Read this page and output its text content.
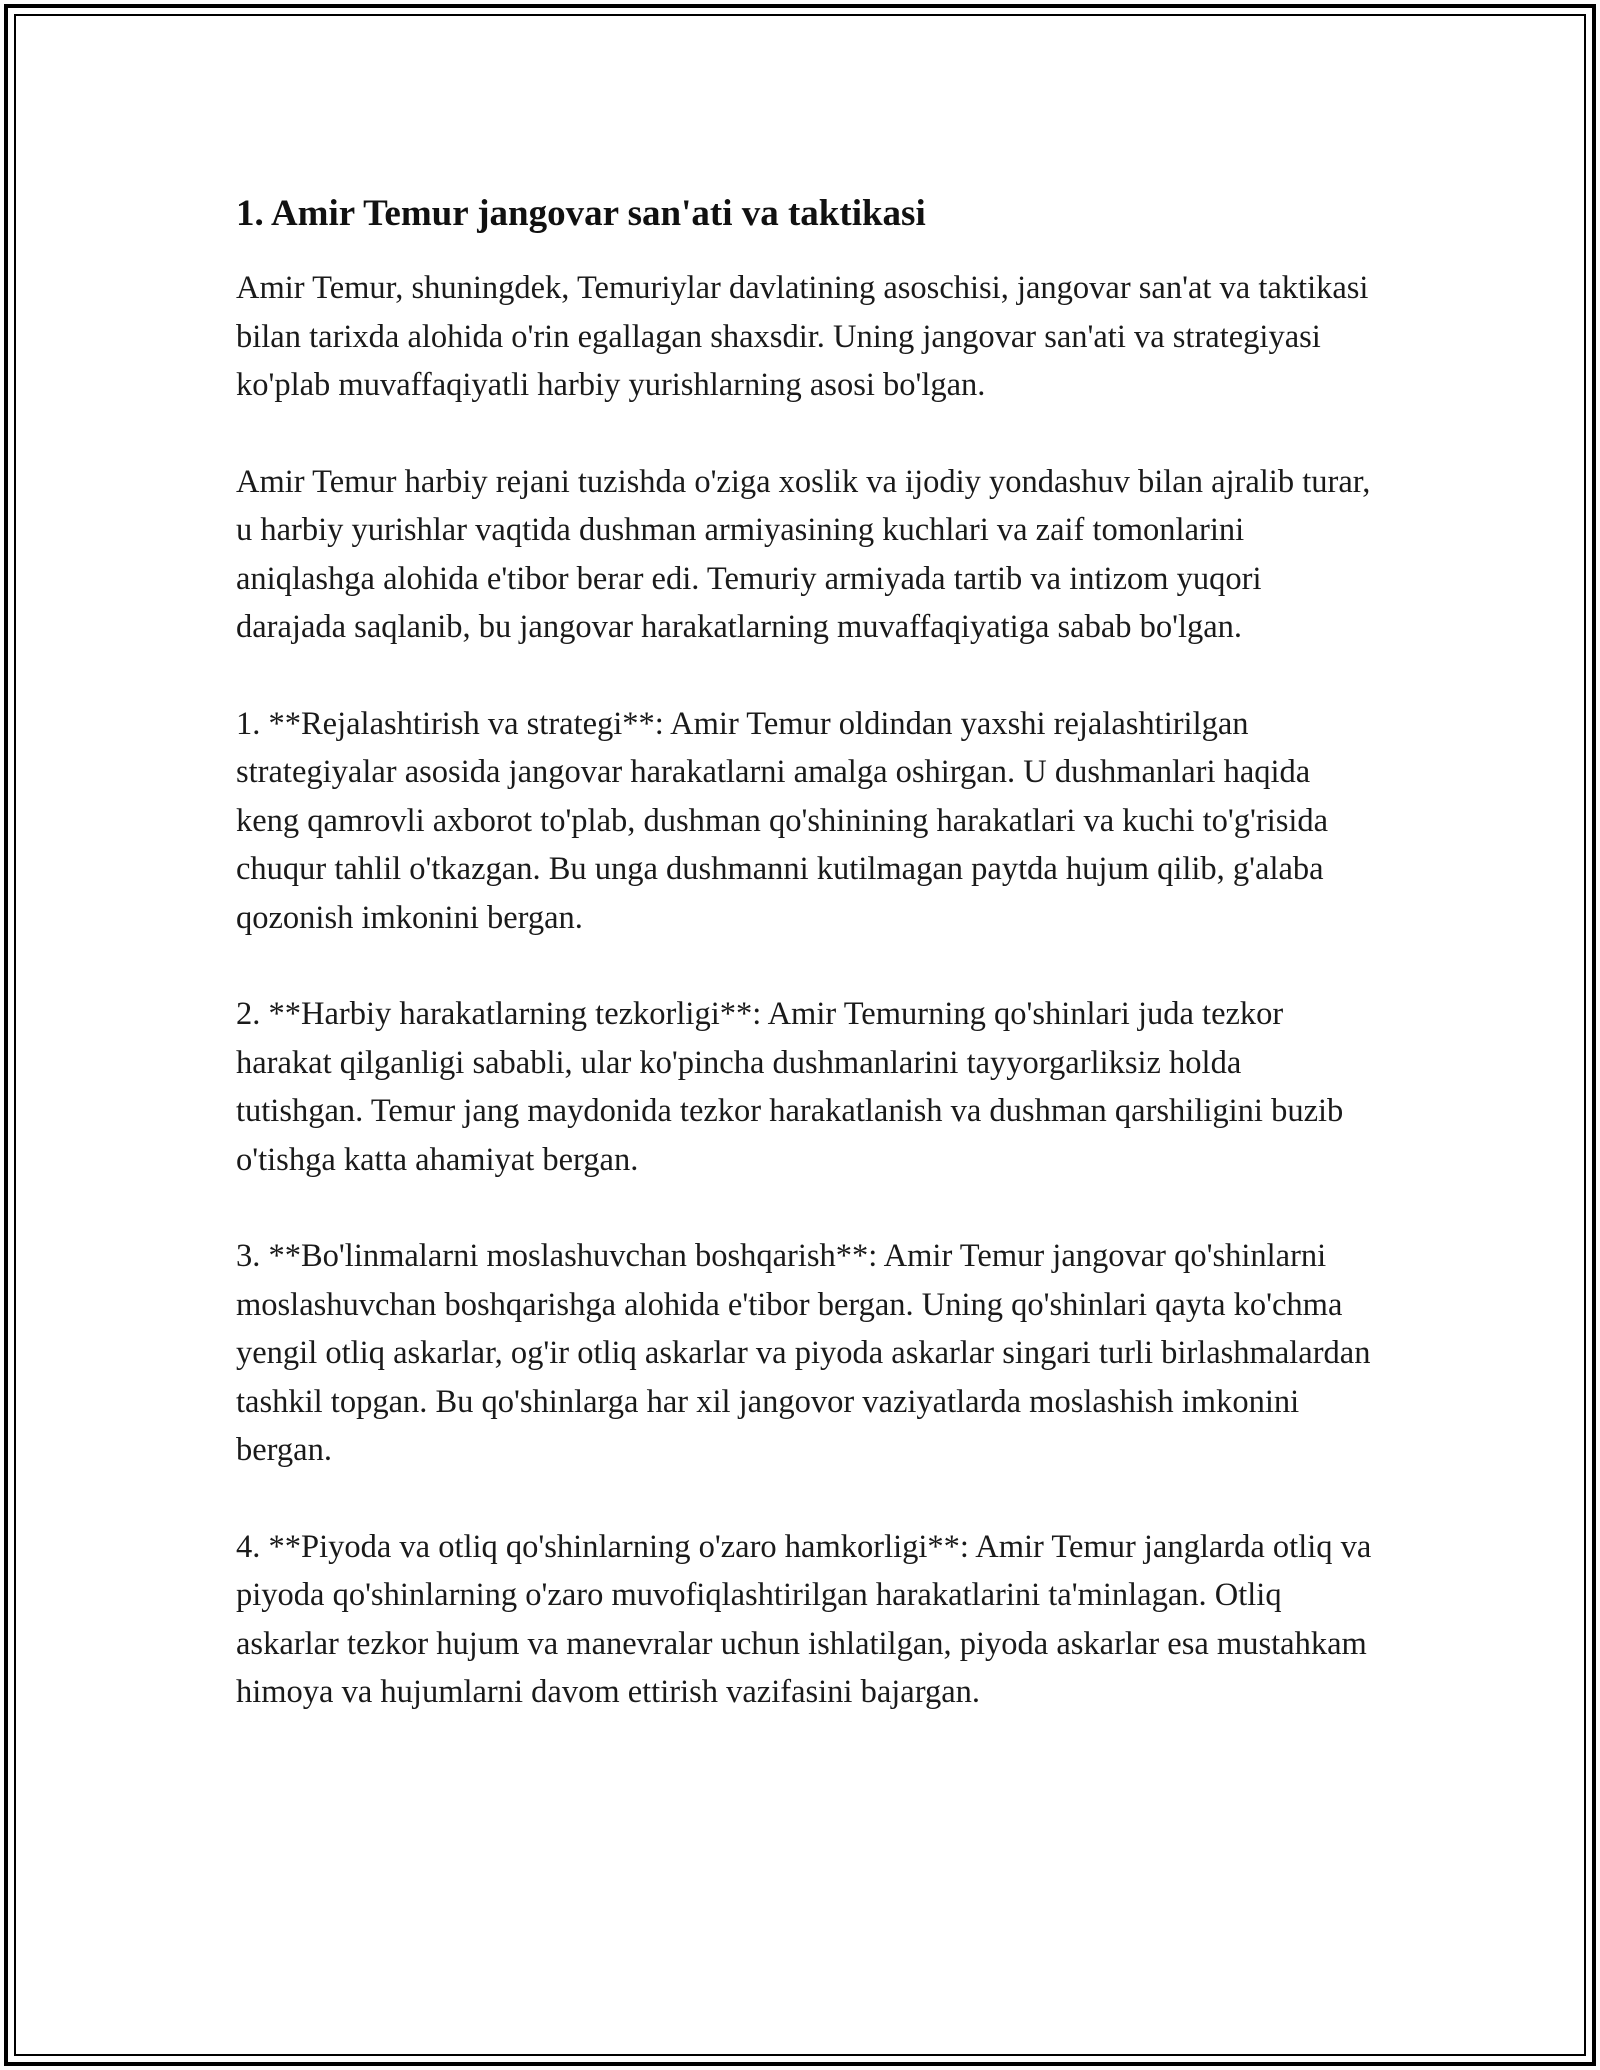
1. Amir Temur jangovar san'ati va taktikasi

Amir Temur, shuningdek, Temuriylar davlatining asoschisi, jangovar san'at va taktikasi bilan tarixda alohida o'rin egallagan shaxsdir. Uning jangovar san'ati va strategiyasi ko'plab muvaffaqiyatli harbiy yurishlarning asosi bo'lgan.

Amir Temur harbiy rejani tuzishda o'ziga xoslik va ijodiy yondashuv bilan ajralib turar, u harbiy yurishlar vaqtida dushman armiyasining kuchlari va zaif tomonlarini aniqlashga alohida e'tibor berar edi. Temuriy armiyada tartib va intizom yuqori darajada saqlanib, bu jangovar harakatlarning muvaffaqiyatiga sabab bo'lgan.

1. **Rejalashtirish va strategi**: Amir Temur oldindan yaxshi rejalashtirilgan strategiyalar asosida jangovar harakatlarni amalga oshirgan. U dushmanlari haqida keng qamrovli axborot to'plab, dushman qo'shinining harakatlari va kuchi to'g'risida chuqur tahlil o'tkazgan. Bu unga dushmanni kutilmagan paytda hujum qilib, g'alaba qozonish imkonini bergan.

2. **Harbiy harakatlarning tezkorligi**: Amir Temurning qo'shinlari juda tezkor harakat qilganligi sababli, ular ko'pincha dushmanlarini tayyorgarliksiz holda tutishgan. Temur jang maydonida tezkor harakatlanish va dushman qarshiligini buzib o'tishga katta ahamiyat bergan.

3. **Bo'linmalarni moslashuvchan boshqarish**: Amir Temur jangovar qo'shinlarni moslashuvchan boshqarishga alohida e'tibor bergan. Uning qo'shinlari qayta ko'chma yengil otliq askarlar, og'ir otliq askarlar va piyoda askarlar singari turli birlashmalardan tashkil topgan. Bu qo'shinlarga har xil jangovor vaziyatlarda moslashish imkonini bergan.

4. **Piyoda va otliq qo'shinlarning o'zaro hamkorligi**: Amir Temur janglarda otliq va piyoda qo'shinlarning o'zaro muvofiqlashtirilgan harakatlarini ta'minlagan. Otliq askarlar tezkor hujum va manevralar uchun ishlatilgan, piyoda askarlar esa mustahkam himoya va hujumlarni davom ettirish vazifasini bajargan.
